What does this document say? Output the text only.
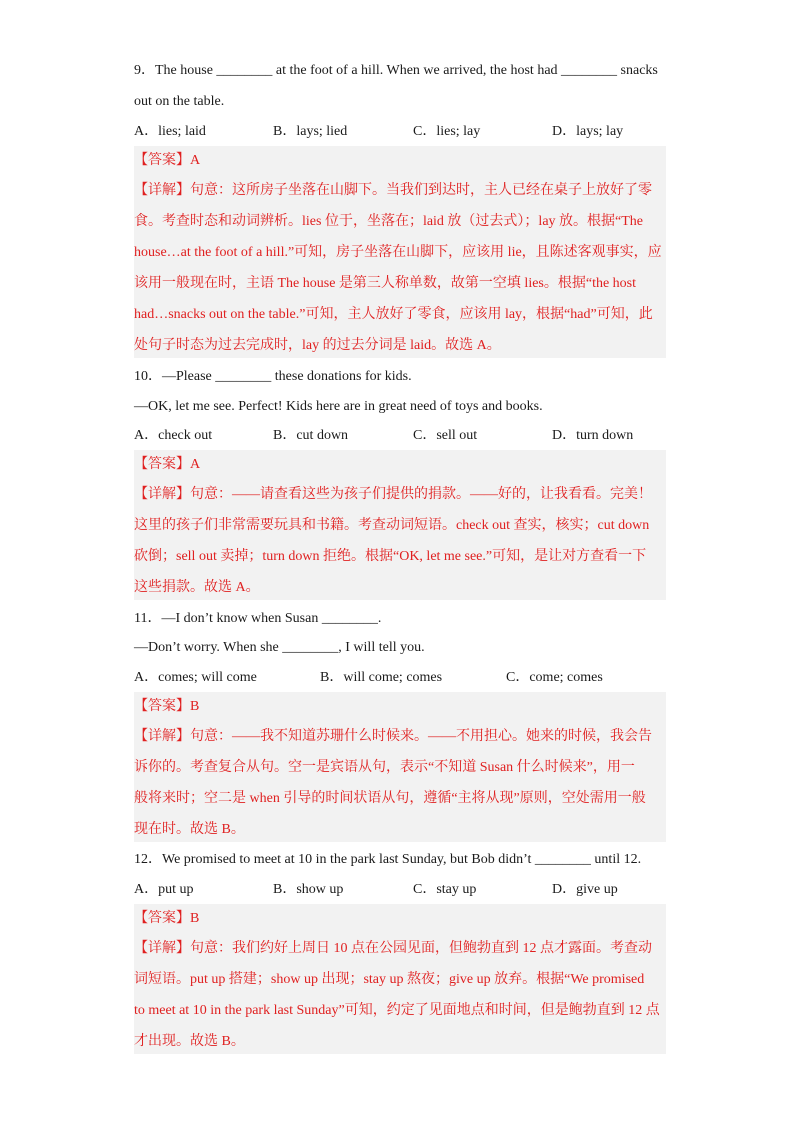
9．The house ________ at the foot of a hill. When we arrived, the host had ________ snacks
out on the table.
A．lies; laid	B．lays; lied	C．lies; lay	D．lays; lay
【答案】A
【详解】句意：这所房子坐落在山脚下。当我们到达时，主人已经在桌子上放好了零
食。考查时态和动词辨析。lies 位于，坐落在；laid 放（过去式）；lay 放。根据“The
house…at the foot of a hill.”可知，房子坐落在山脚下，应该用 lie，且陈述客观事实，应
该用一般现在时，主语 The house 是第三人称单数，故第一空填 lies。根据“the host
had…snacks out on the table.”可知，主人放好了零食，应该用 lay，根据“had”可知，此
处句子时态为过去完成时，lay 的过去分词是 laid。故选 A。
10．—Please ________ these donations for kids.
—OK, let me see. Perfect! Kids here are in great need of toys and books.
A．check out	B．cut down	C．sell out	D．turn down
【答案】A
【详解】句意：——请查看这些为孩子们提供的捐款。——好的，让我看看。完美！
这里的孩子们非常需要玩具和书籍。考查动词短语。check out 查实，核实；cut down
砍倒；sell out 卖掉；turn down 拒绝。根据“OK, let me see.”可知，是让对方查看一下
这些捐款。故选 A。
11．—I don’t know when Susan ________.
—Don’t worry. When she ________, I will tell you.
A．comes; will come	B．will come; comes	C．come; comes
【答案】B
【详解】句意：——我不知道苏珊什么时候来。——不用担心。她来的时候，我会告
诉你的。考查复合从句。空一是宾语从句，表示“不知道 Susan 什么时候来”，用一
般将来时；空二是 when 引导的时间状语从句，遵循“主将从现”原则，空处需用一般
现在时。故选 B。
12．We promised to meet at 10 in the park last Sunday, but Bob didn’t ________ until 12.
A．put up	B．show up	C．stay up	D．give up
【答案】B
【详解】句意：我们约好上周日 10 点在公园见面，但鲍勃直到 12 点才露面。考查动
词短语。put up 搭建；show up 出现；stay up 熬夜；give up 放弃。根据“We promised
to meet at 10 in the park last Sunday”可知，约定了见面地点和时间，但是鲍勃直到 12 点
才出现。故选 B。
